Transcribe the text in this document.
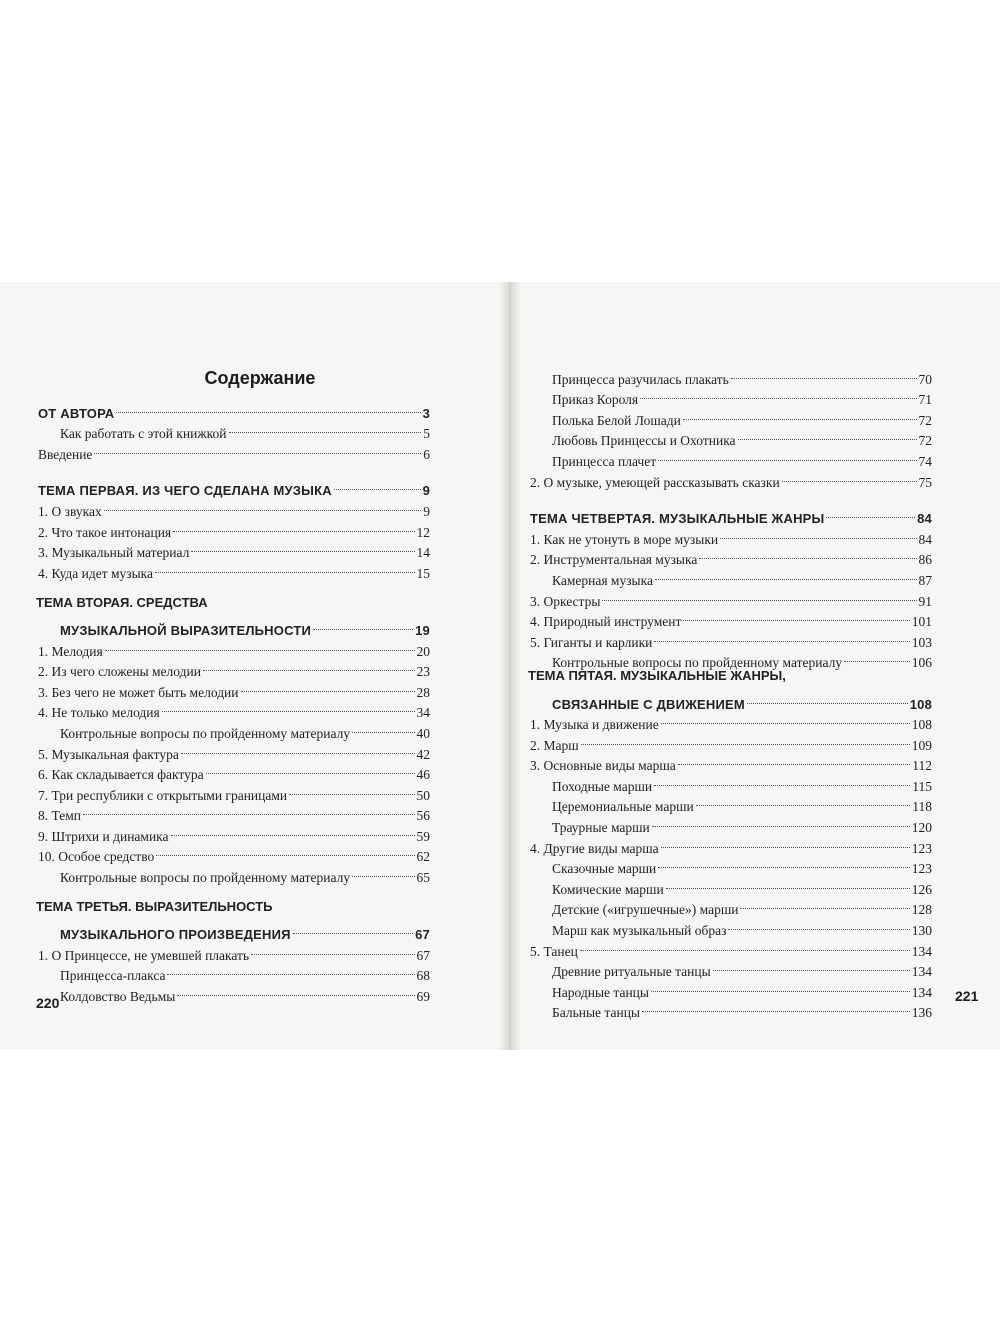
Содержание
ОТ АВТОРА	3
Как работать с этой книжкой	5
Введение	6
ТЕМА ПЕРВАЯ. ИЗ ЧЕГО СДЕЛАНА МУЗЫКА	9
1. О звуках	9
2. Что такое интонация	12
3. Музыкальный материал	14
4. Куда идет музыка	15
ТЕМА ВТОРАЯ. СРЕДСТВА
МУЗЫКАЛЬНОЙ ВЫРАЗИТЕЛЬНОСТИ	19
1. Мелодия	20
2. Из чего сложены мелодии	23
3. Без чего не может быть мелодии	28
4. Не только мелодия	34
Контрольные вопросы по пройденному материалу	40
5. Музыкальная фактура	42
6. Как складывается фактура	46
7. Три республики с открытыми границами	50
8. Темп	56
9. Штрихи и динамика	59
10. Особое средство	62
Контрольные вопросы по пройденному материалу	65
ТЕМА ТРЕТЬЯ. ВЫРАЗИТЕЛЬНОСТЬ
МУЗЫКАЛЬНОГО ПРОИЗВЕДЕНИЯ	67
1. О Принцессе, не умевшей плакать	67
Принцесса-плакса	68
Колдовство Ведьмы	69
Принцесса разучилась плакать	70
Приказ Короля	71
Полька Белой Лошади	72
Любовь Принцессы и Охотника	72
Принцесса плачет	74
2. О музыке, умеющей рассказывать сказки	75
ТЕМА ЧЕТВЕРТАЯ. МУЗЫКАЛЬНЫЕ ЖАНРЫ	84
1. Как не утонуть в море музыки	84
2. Инструментальная музыка	86
Камерная музыка	87
3. Оркестры	91
4. Природный инструмент	101
5. Гиганты и карлики	103
Контрольные вопросы по пройденному материалу	106
ТЕМА ПЯТАЯ. МУЗЫКАЛЬНЫЕ ЖАНРЫ,
СВЯЗАННЫЕ С ДВИЖЕНИЕМ	108
1. Музыка и движение	108
2. Марш	109
3. Основные виды марша	112
Походные марши	115
Церемониальные марши	118
Траурные марши	120
4. Другие виды марша	123
Сказочные марши	123
Комические марши	126
Детские («игрушечные») марши	128
Марш как музыкальный образ	130
5. Танец	134
Древние ритуальные танцы	134
Народные танцы	134
Бальные танцы	136
220	221
